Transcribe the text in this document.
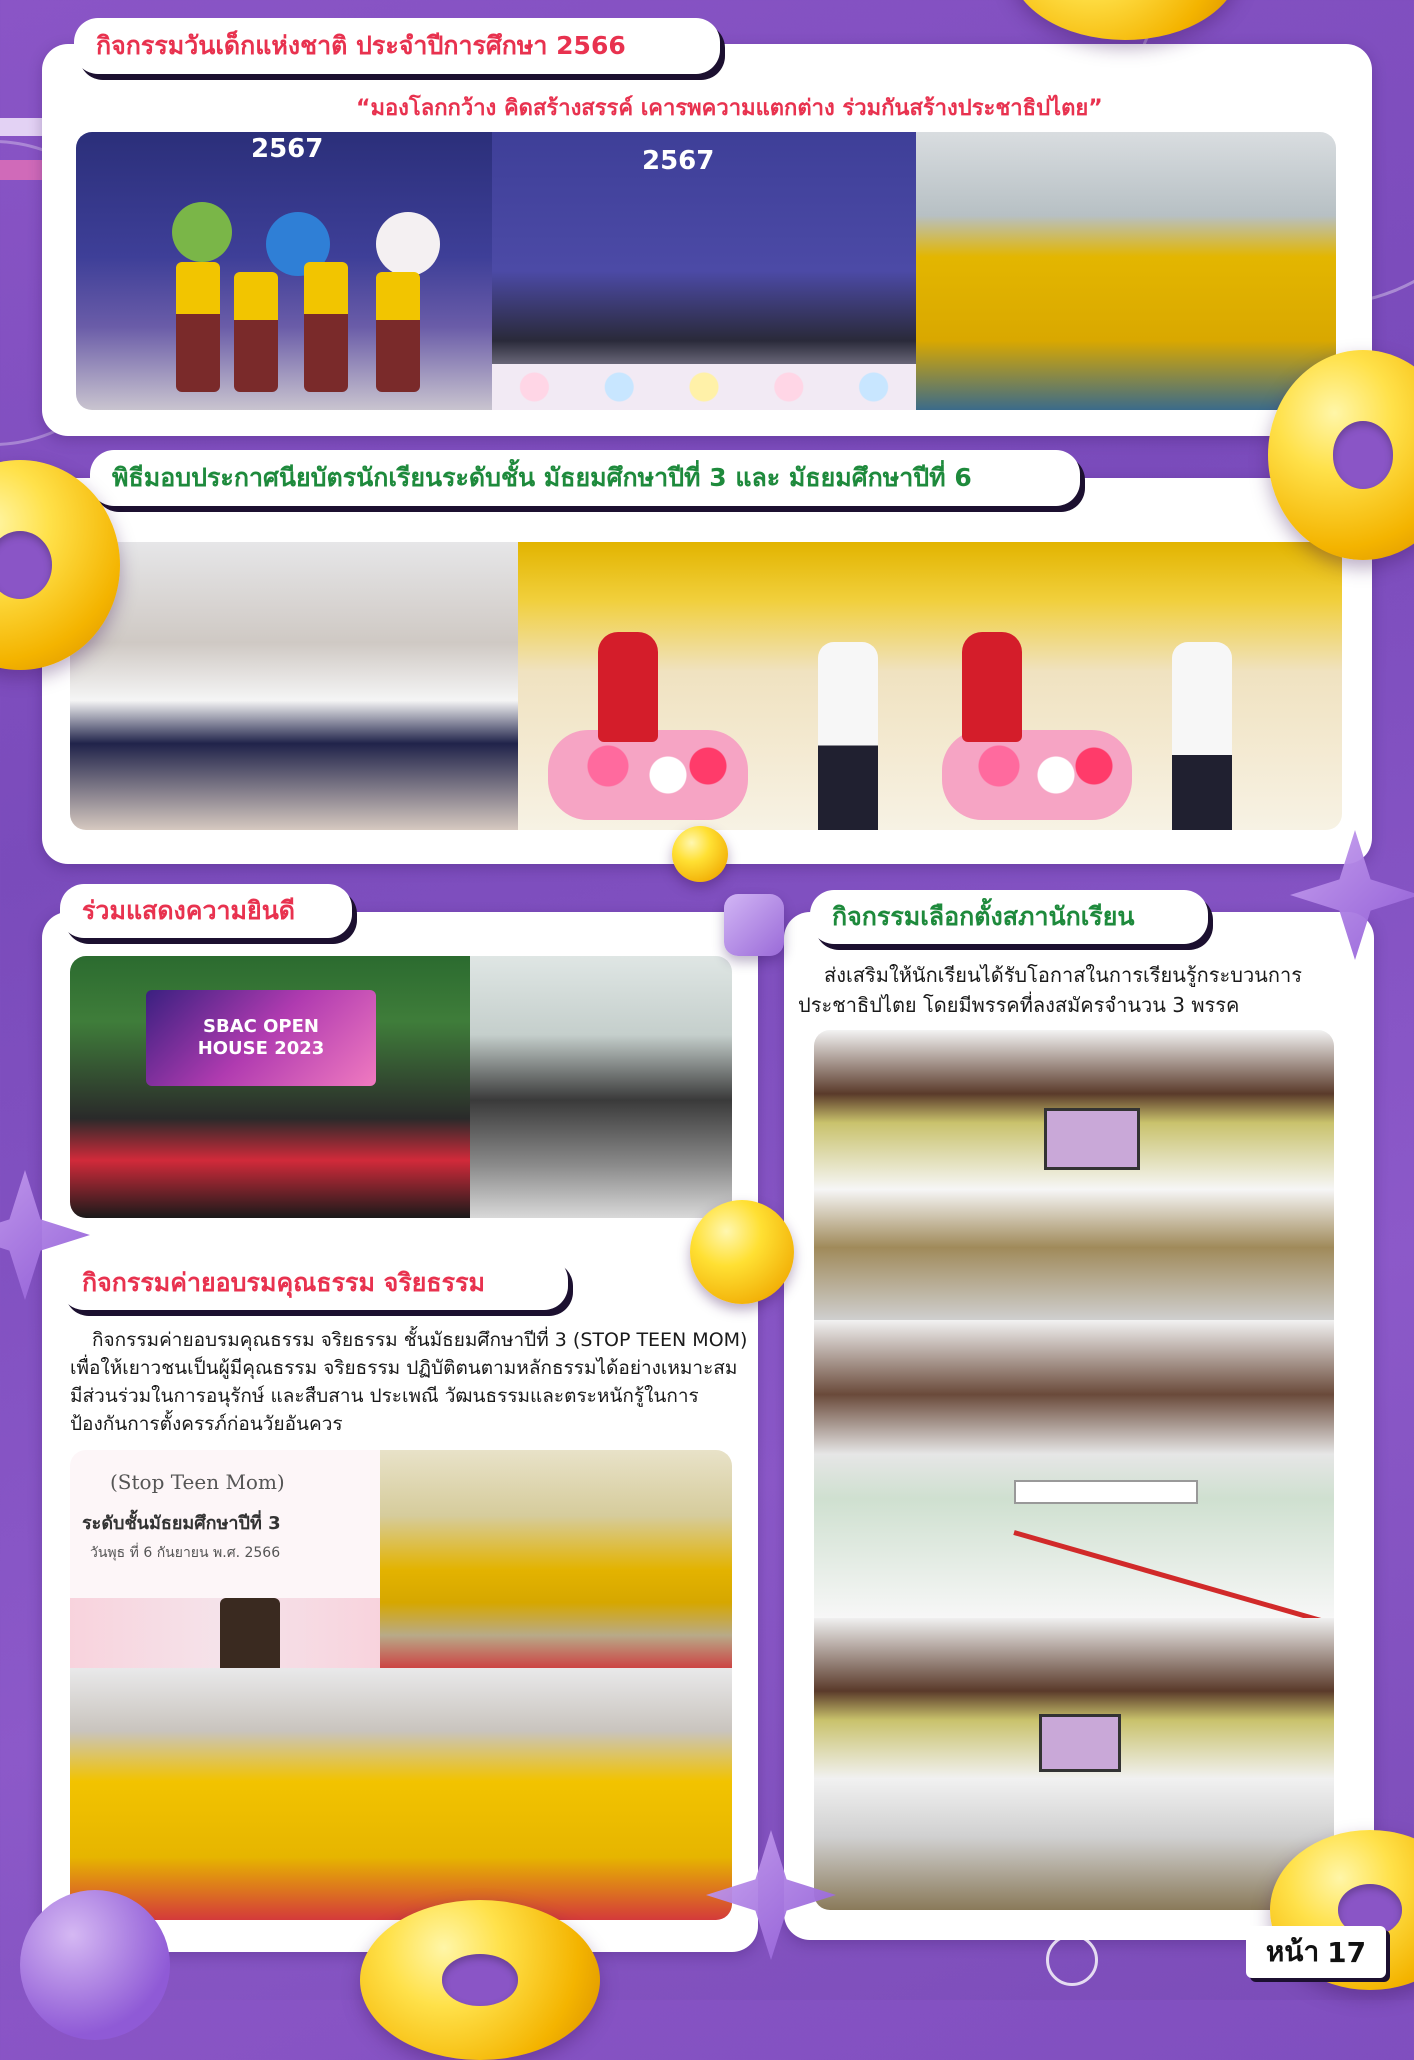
กิจกรรมวันเด็กแห่งชาติ ประจำปีการศึกษา 2566
“มองโลกกว้าง คิดสร้างสรรค์ เคารพความแตกต่าง ร่วมกันสร้างประชาธิปไตย”
2567	2567
พิธีมอบประกาศนียบัตรนักเรียนระดับชั้น มัธยมศึกษาปีที่ 3 และ มัธยมศึกษาปีที่ 6
ร่วมแสดงความยินดี
SBAC OPEN HOUSE 2023
กิจกรรมค่ายอบรมคุณธรรม จริยธรรม
กิจกรรมค่ายอบรมคุณธรรม จริยธรรม ชั้นมัธยมศึกษาปีที่ 3 (STOP TEEN MOM) เพื่อให้เยาวชนเป็นผู้มีคุณธรรม จริยธรรม ปฏิบัติตนตามหลักธรรมได้อย่างเหมาะสม มีส่วนร่วมในการอนุรักษ์ และสืบสาน ประเพณี วัฒนธรรมและตระหนักรู้ในการป้องกันการตั้งครรภ์ก่อนวัยอันควร
(Stop Teen Mom)
ระดับชั้นมัธยมศึกษาปีที่ 3
วันพุธ ที่ 6 กันยายน พ.ศ. 2566
กิจกรรมเลือกตั้งสภานักเรียน
ส่งเสริมให้นักเรียนได้รับโอกาสในการเรียนรู้กระบวนการประชาธิปไตย โดยมีพรรคที่ลงสมัครจำนวน 3 พรรค
หน้า 17
